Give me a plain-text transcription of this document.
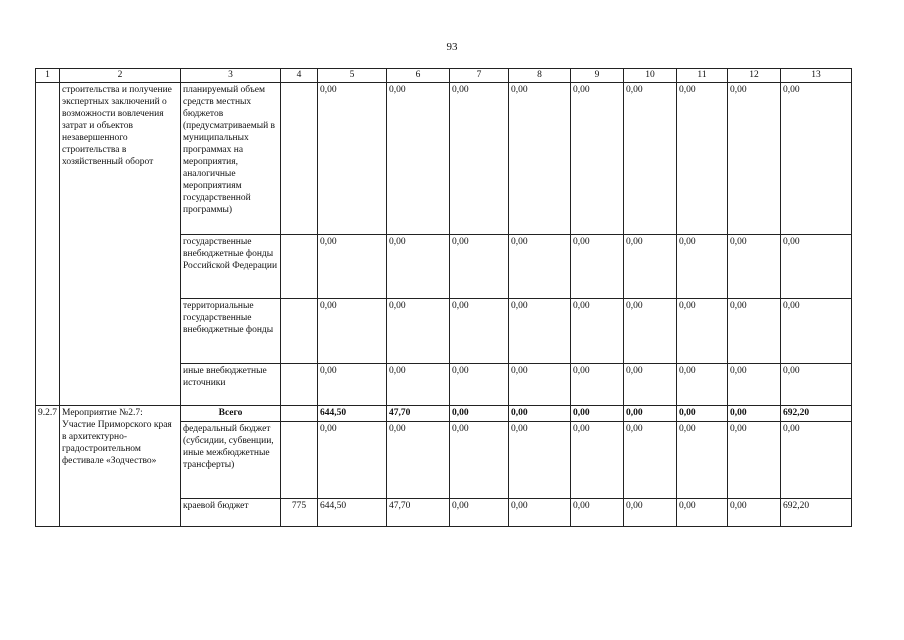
93
1	2	3	4	5	6	7	8	9	10	11	12	13
	строительства и получение экспертных заключений о возможности вовлечения затрат и объектов незавершенного строительства в хозяйственный оборот	планируемый объем средств местных бюджетов (предусматриваемый в муниципальных программах на мероприятия, аналогичные мероприятиям государственной программы)		0,00	0,00	0,00	0,00	0,00	0,00	0,00	0,00	0,00
		государственные внебюджетные фонды Российской Федерации		0,00	0,00	0,00	0,00	0,00	0,00	0,00	0,00	0,00
		территориальные государственные внебюджетные фонды		0,00	0,00	0,00	0,00	0,00	0,00	0,00	0,00	0,00
		иные внебюджетные источники		0,00	0,00	0,00	0,00	0,00	0,00	0,00	0,00	0,00
9.2.7	Мероприятие №2.7: Участие Приморского края в архитектурно-градостроительном фестивале «Зодчество»	Всего		644,50	47,70	0,00	0,00	0,00	0,00	0,00	0,00	692,20
		федеральный бюджет (субсидии, субвенции, иные межбюджетные трансферты)		0,00	0,00	0,00	0,00	0,00	0,00	0,00	0,00	0,00
		краевой бюджет	775	644,50	47,70	0,00	0,00	0,00	0,00	0,00	0,00	692,20
